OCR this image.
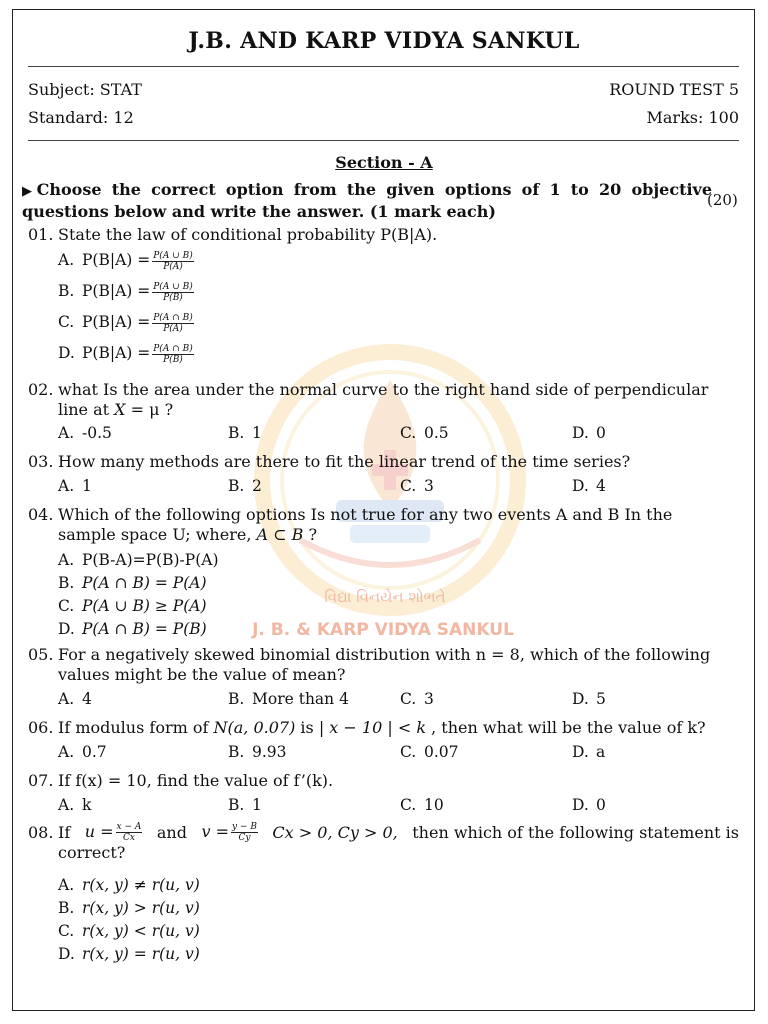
વિદ્યા વિનયેન શોભતે
J. B. & KARP VIDYA SANKUL
J.B. AND KARP VIDYA SANKUL
Subject: STAT	ROUND TEST 5
Standard: 12	Marks: 100
Section - A
▶Choose the correct option from the given options of 1 to 20 objective questions below and write the answer. (1 mark each)
(20)
01. State the law of conditional probability P(B|A).
A. $P(B|A) = \frac{P(A \cup B)}{P(A)}$
B. $P(B|A) = \frac{P(A \cup B)}{P(B)}$
C. $P(B|A) = \frac{P(A \cap B)}{P(A)}$
D. $P(B|A) = \frac{P(A \cap B)}{P(B)}$
02. what Is the area under the normal curve to the right hand side of perpendicular
line at X = μ ?
A. -0.5	B. 1	C. 0.5	D. 0
03. How many methods are there to fit the linear trend of the time series?
A. 1	B. 2	C. 3	D. 4
04. Which of the following options Is not true for any two events A and B In the
sample space U; where, A ⊂ B ?
A. P(B-A)=P(B)-P(A)
B. P(A ∩ B) = P(A)
C. P(A ∪ B) ≥ P(A)
D. P(A ∩ B) = P(B)
05. For a negatively skewed binomial distribution with n = 8, which of the following
values might be the value of mean?
A. 4	B. More than 4	C. 3	D. 5
06. If modulus form of N(a, 0.07) is | x − 10 | < k , then what will be the value of k?
A. 0.7	B. 9.93	C. 0.07	D. a
07. If f(x) = 10, find the value of f’(k).
A. k	B. 1	C. 10	D. 0
08. If $u = \frac{x - A}{Cx}$ and $v = \frac{y - B}{Cy}$ Cx > 0, Cy > 0, then which of the following statement is
correct?
A. r(x, y) ≠ r(u, v)
B. r(x, y) > r(u, v)
C. r(x, y) < r(u, v)
D. r(x, y) = r(u, v)
